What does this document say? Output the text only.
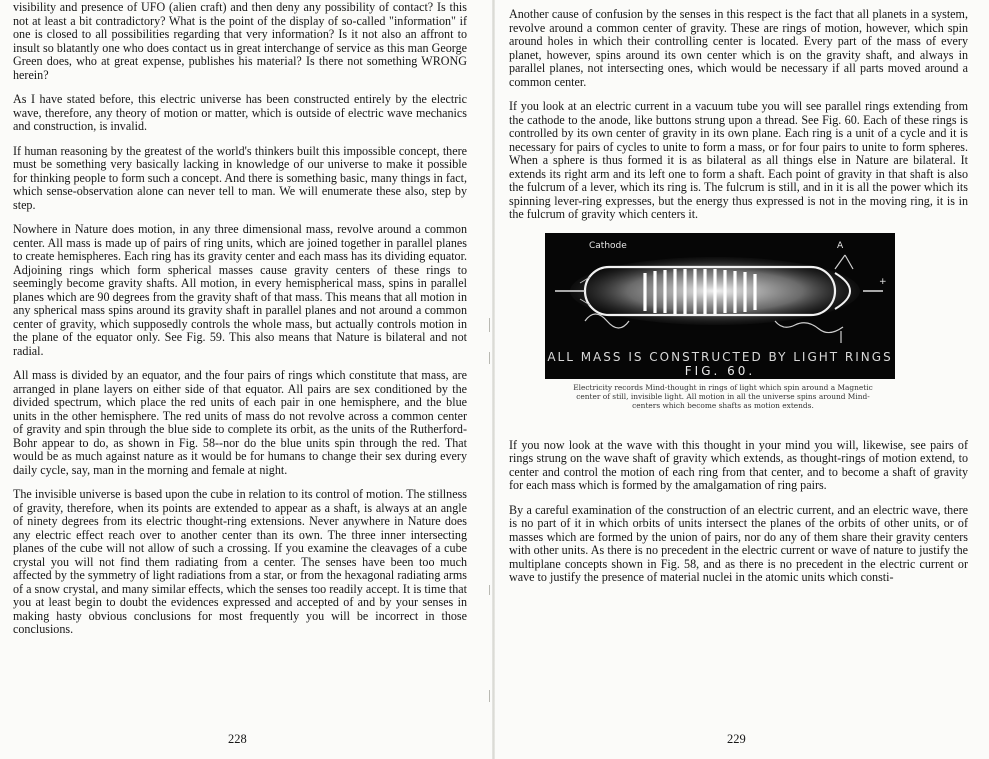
visibility and presence of UFO (alien craft) and then deny any possibility of contact? Is this not at least a bit contradictory? What is the point of the display of so-called "information" if one is closed to all possibilities regarding that very information? Is it not also an affront to insult so blatantly one who does contact us in great interchange of service as this man George Green does, who at great expense, publishes his material? Is there not something WRONG herein?

As I have stated before, this electric universe has been constructed entirely by the electric wave, therefore, any theory of motion or matter, which is outside of electric wave mechanics and construction, is invalid.

If human reasoning by the greatest of the world's thinkers built this impossible concept, there must be something very basically lacking in knowledge of our universe to make it possible for thinking people to form such a concept. And there is something basic, many things in fact, which sense-observation alone can never tell to man. We will enumerate these also, step by step.

Nowhere in Nature does motion, in any three dimensional mass, revolve around a common center. All mass is made up of pairs of ring units, which are joined together in parallel planes to create hemispheres. Each ring has its gravity center and each mass has its dividing equator. Adjoining rings which form spherical masses cause gravity centers of these rings to seemingly become gravity shafts. All motion, in every hemispherical mass, spins in parallel planes which are 90 degrees from the gravity shaft of that mass. This means that all motion in any spherical mass spins around its gravity shaft in parallel planes and not around a common center of gravity, which supposedly controls the whole mass, but actually controls motion in the plane of the equator only. See Fig. 59. This also means that Nature is bilateral and not radial.

All mass is divided by an equator, and the four pairs of rings which constitute that mass, are arranged in plane layers on either side of that equator. All pairs are sex conditioned by the divided spectrum, which place the red units of each pair in one hemisphere, and the blue units in the other hemisphere. The red units of mass do not revolve across a common center of gravity and spin through the blue side to complete its orbit, as the units of the Rutherford-Bohr appear to do, as shown in Fig. 58--nor do the blue units spin through the red. That would be as much against nature as it would be for humans to change their sex during every daily cycle, say, man in the morning and female at night.

The invisible universe is based upon the cube in relation to its control of motion. The stillness of gravity, therefore, when its points are extended to appear as a shaft, is always at an angle of ninety degrees from its electric thought-ring extensions. Never anywhere in Nature does any electric effect reach over to another center than its own. The three inner intersecting planes of the cube will not allow of such a crossing. If you examine the cleavages of a cube crystal you will not find them radiating from a center. The senses have been too much affected by the symmetry of light radiations from a star, or from the hexagonal radiating arms of a snow crystal, and many similar effects, which the senses too readily accept. It is time that you at least begin to doubt the evidences expressed and accepted of and by your senses in making hasty obvious conclusions for most frequently you will be incorrect in those conclusions.

228

Another cause of confusion by the senses in this respect is the fact that all planets in a system, revolve around a common center of gravity. These are rings of motion, however, which spin around holes in which their controlling center is located. Every part of the mass of every planet, however, spins around its own center which is on the gravity shaft, and always in parallel planes, not intersecting ones, which would be necessary if all parts moved around a common center.

If you look at an electric current in a vacuum tube you will see parallel rings extending from the cathode to the anode, like buttons strung upon a thread. See Fig. 60. Each of these rings is controlled by its own center of gravity in its own plane. Each ring is a unit of a cycle and it is necessary for pairs of cycles to unite to form a mass, or for four pairs to unite to form spheres. When a sphere is thus formed it is as bilateral as all things else in Nature are bilateral. It extends its right arm and its left one to form a shaft. Each point of gravity in that shaft is also the fulcrum of a lever, which its ring is. The fulcrum is still, and in it is all the power which its spinning lever-ring expresses, but the energy thus expressed is not in the moving ring, it is in the fulcrum of gravity which centers it.

Cathode	A
+
ALL MASS IS CONSTRUCTED BY LIGHT RINGS
FIG. 60.
Electricity records Mind-thought in rings of light which spin around a Magnetic center of still, invisible light. All motion in all the universe spins around Mind-centers which become shafts as motion extends.

If you now look at the wave with this thought in your mind you will, likewise, see pairs of rings strung on the wave shaft of gravity which extends, as thought-rings of motion extend, to center and control the motion of each ring from that center, and to become a shaft of gravity for each mass which is formed by the amalgamation of ring pairs.

By a careful examination of the construction of an electric current, and an electric wave, there is no part of it in which orbits of units intersect the planes of the orbits of other units, or of masses which are formed by the union of pairs, nor do any of them share their gravity centers with other units. As there is no precedent in the electric current or wave of nature to justify the multiplane concepts shown in Fig. 58, and as there is no precedent in the electric current or wave to justify the presence of material nuclei in the atomic units which consti-

229
